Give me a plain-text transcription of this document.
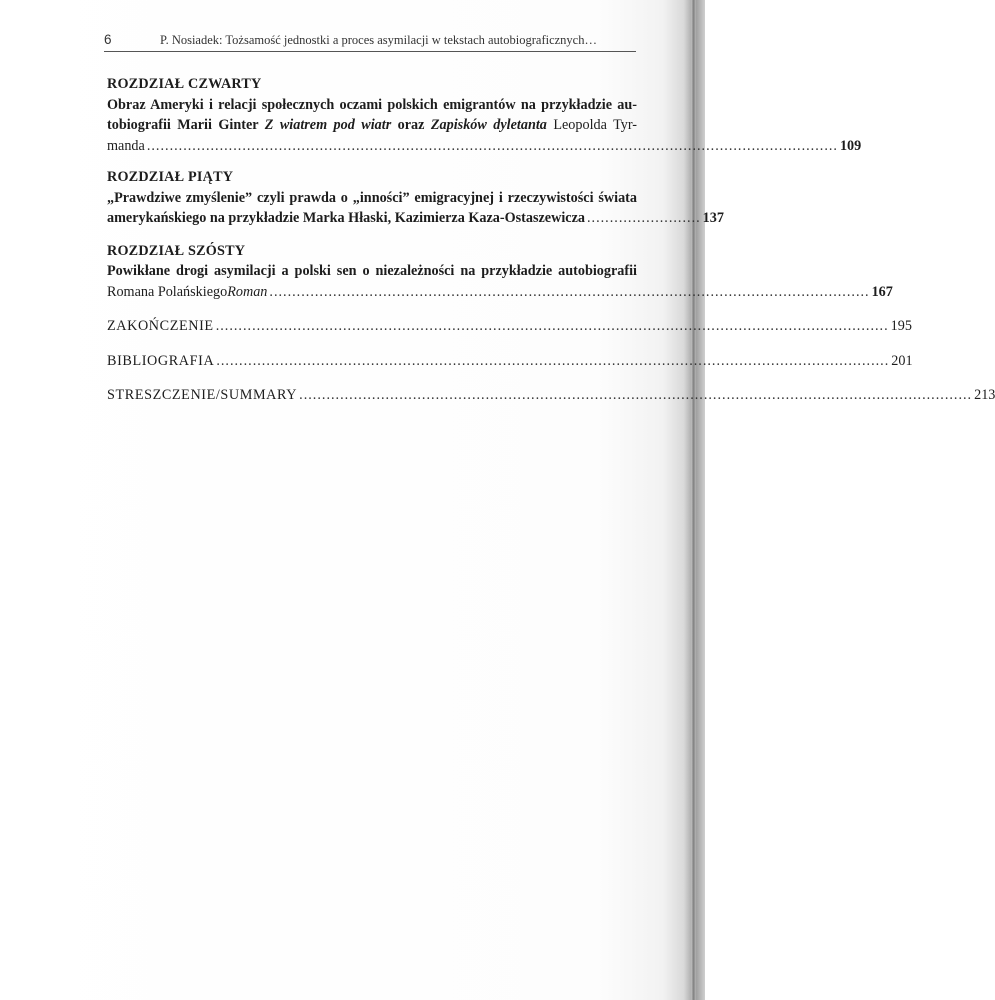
6	P. Nosiadek: Tożsamość jednostki a proces asymilacji w tekstach autobiograficznych…
ROZDZIAŁ CZWARTY
Obraz Ameryki i relacji społecznych oczami polskich emigrantów na przykładzie au-
tobiografii Marii Ginter Z wiatrem pod wiatr oraz Zapisków dyletanta Leopolda Tyr-
manda ........................................................................................................................................................ 109
ROZDZIAŁ PIĄTY
„Prawdziwe zmyślenie” czyli prawda o „inności” emigracyjnej i rzeczywistości świata
amerykańskiego na przykładzie Marka Hłaski, Kazimierza Kaza-Ostaszewicza ......................... 137
ROZDZIAŁ SZÓSTY
Powikłane drogi asymilacji a polski sen o niezależności na przykładzie autobiografii
Romana Polańskiego Roman .................................................................................................................................... 167
ZAKOŃCZENIE .................................................................................................................................................... 195
BIBLIOGRAFIA .................................................................................................................................................... 201
STRESZCZENIE/SUMMARY .................................................................................................................................................... 213
